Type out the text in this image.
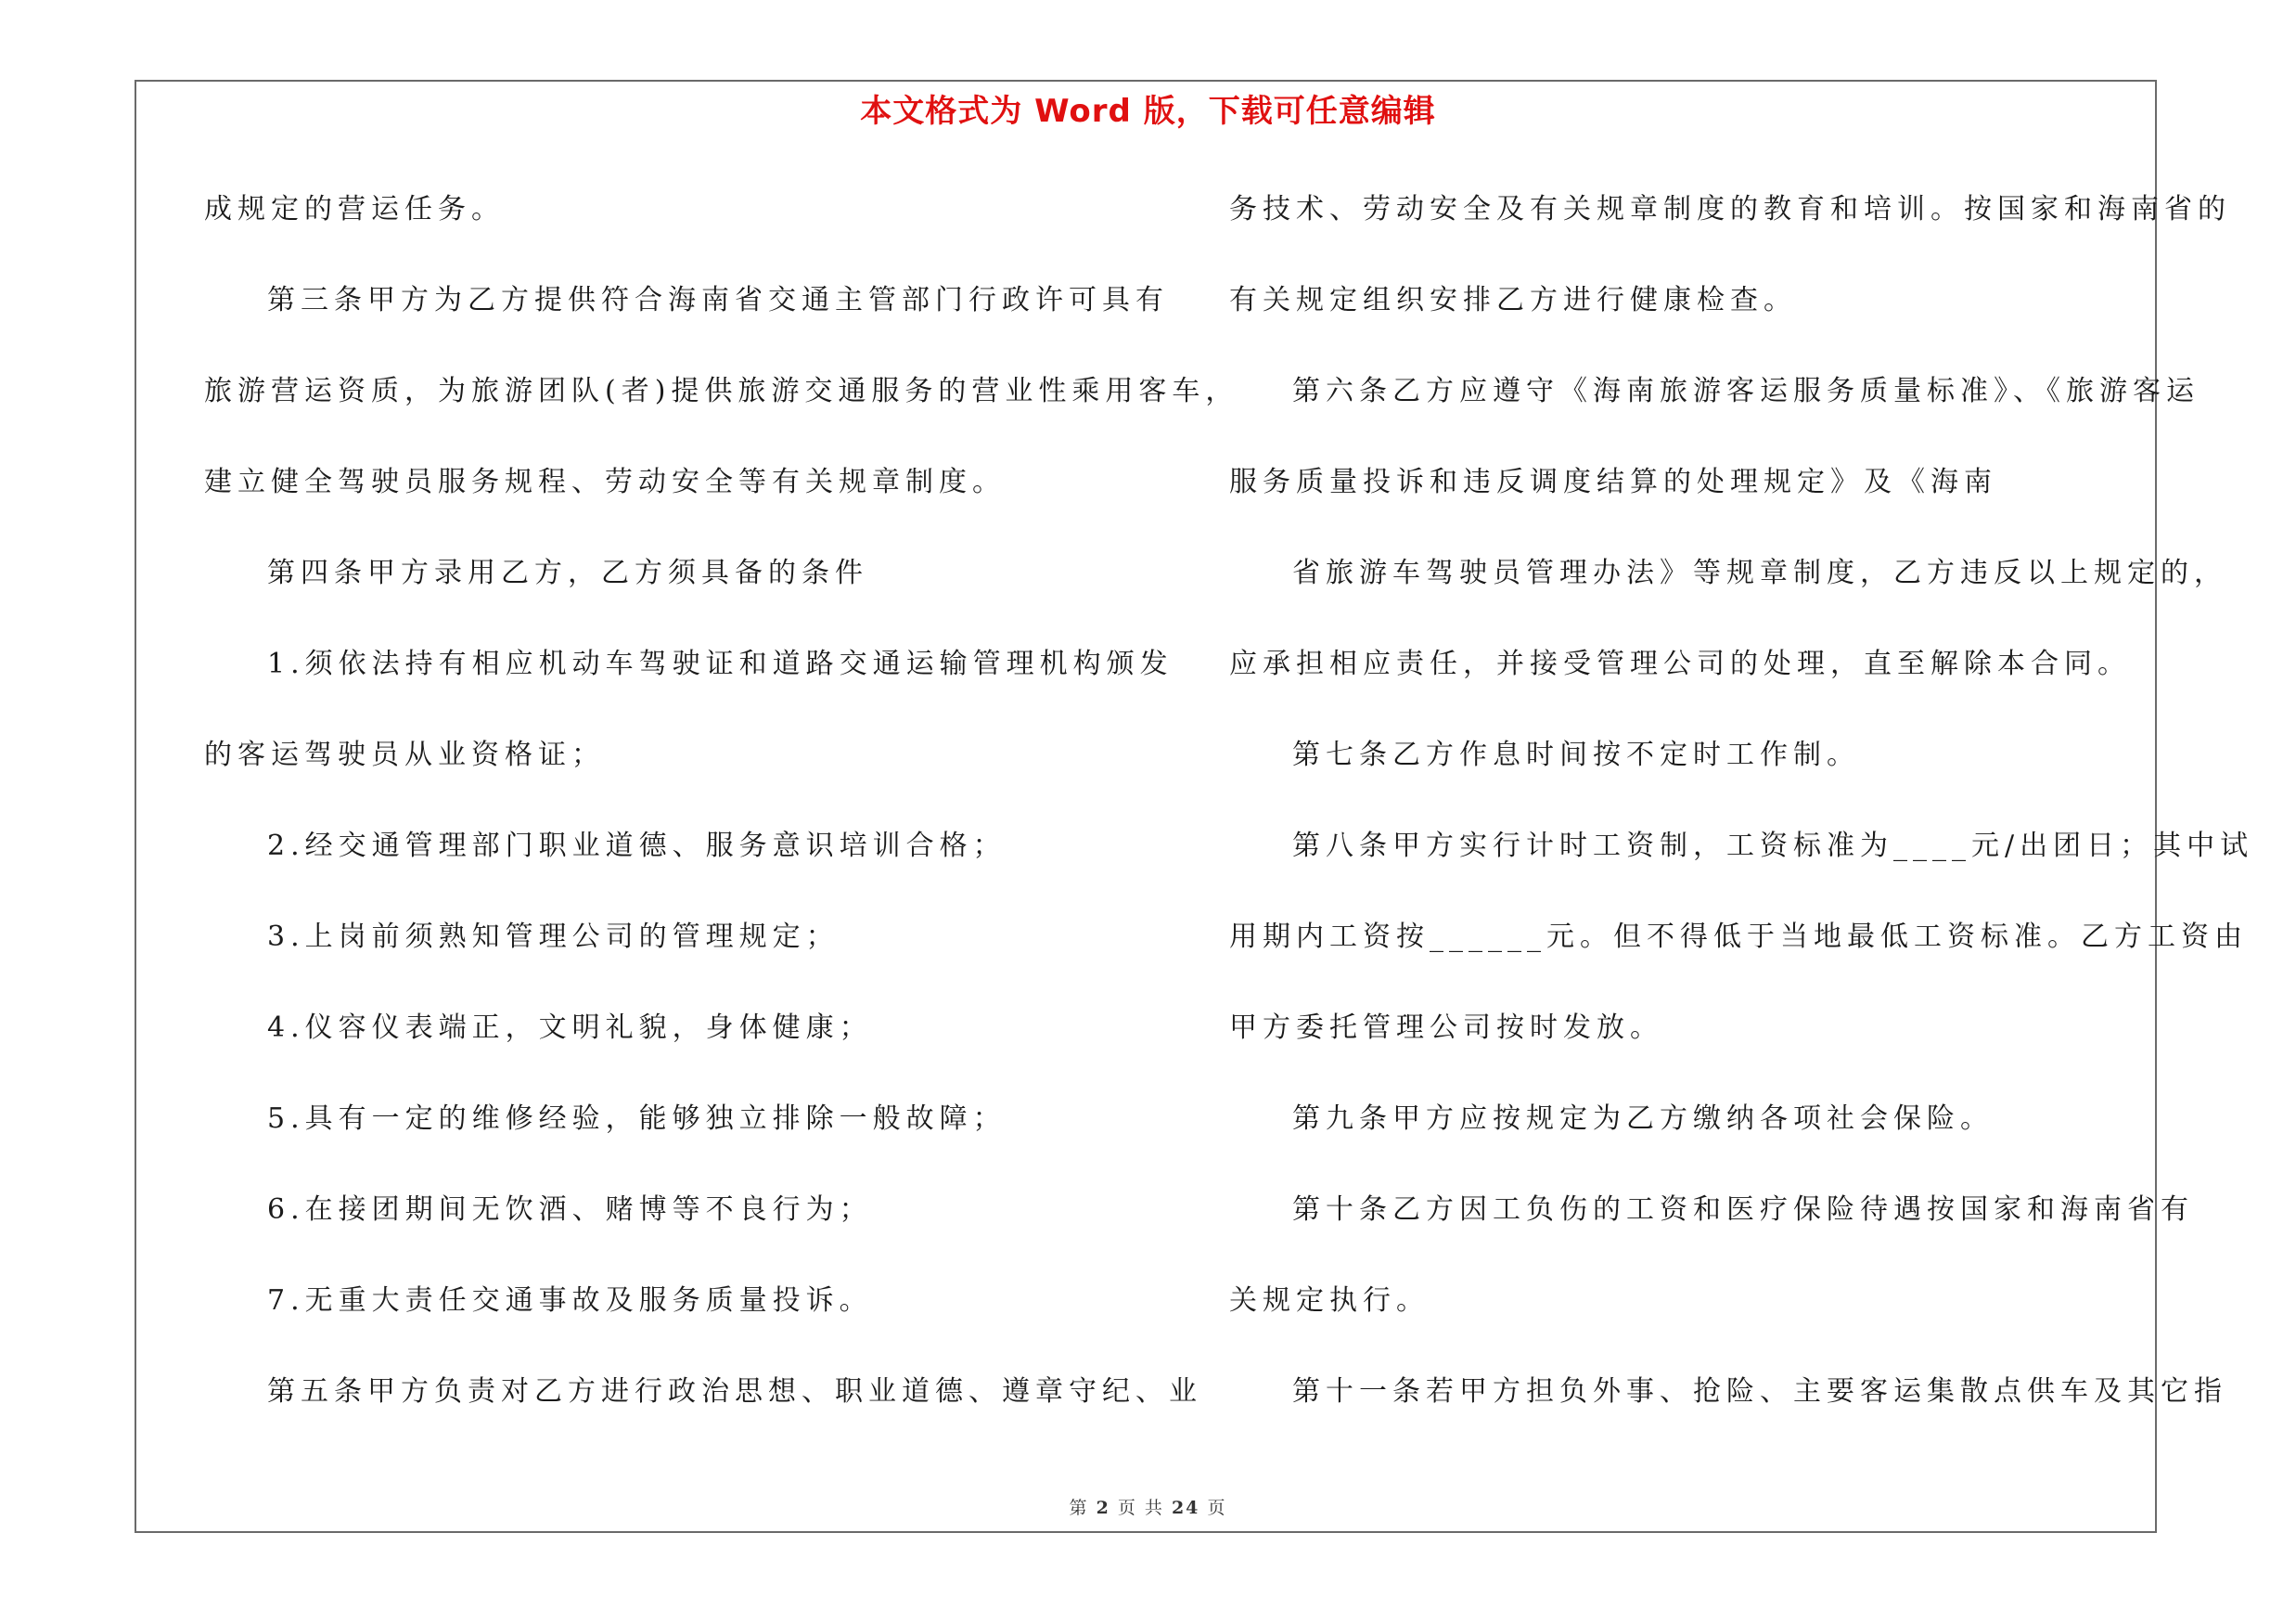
本文格式为 Word 版，下载可任意编辑
成规定的营运任务。
第三条甲方为乙方提供符合海南省交通主管部门行政许可具有
旅游营运资质，为旅游团队(者)提供旅游交通服务的营业性乘用客车，
建立健全驾驶员服务规程、劳动安全等有关规章制度。
第四条甲方录用乙方，乙方须具备的条件
1.须依法持有相应机动车驾驶证和道路交通运输管理机构颁发
的客运驾驶员从业资格证；
2.经交通管理部门职业道德、服务意识培训合格；
3.上岗前须熟知管理公司的管理规定；
4.仪容仪表端正，文明礼貌，身体健康；
5.具有一定的维修经验，能够独立排除一般故障；
6.在接团期间无饮酒、赌博等不良行为；
7.无重大责任交通事故及服务质量投诉。
第五条甲方负责对乙方进行政治思想、职业道德、遵章守纪、业
务技术、劳动安全及有关规章制度的教育和培训。按国家和海南省的
有关规定组织安排乙方进行健康检查。
第六条乙方应遵守《海南旅游客运服务质量标准》、《旅游客运
服务质量投诉和违反调度结算的处理规定》及《海南
省旅游车驾驶员管理办法》等规章制度，乙方违反以上规定的，
应承担相应责任，并接受管理公司的处理，直至解除本合同。
第七条乙方作息时间按不定时工作制。
第八条甲方实行计时工资制，工资标准为____元/出团日；其中试
用期内工资按______元。但不得低于当地最低工资标准。乙方工资由
甲方委托管理公司按时发放。
第九条甲方应按规定为乙方缴纳各项社会保险。
第十条乙方因工负伤的工资和医疗保险待遇按国家和海南省有
关规定执行。
第十一条若甲方担负外事、抢险、主要客运集散点供车及其它指
第 2 页 共 24 页
